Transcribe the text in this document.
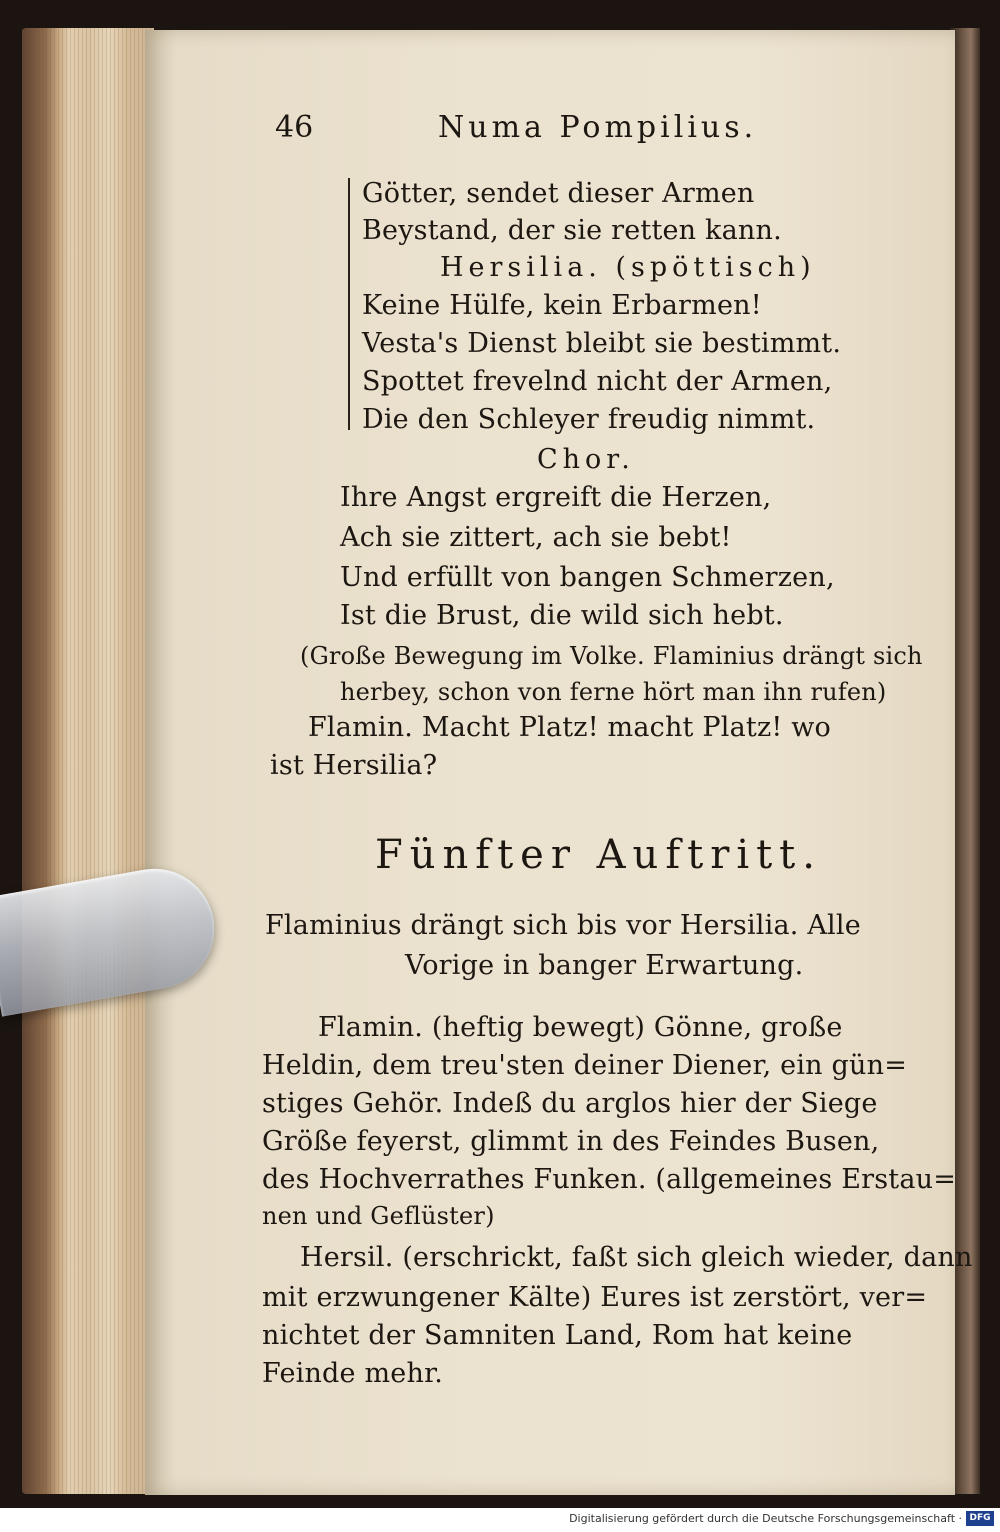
46	Numa Pompilius.
Götter, sendet dieser Armen
Beystand, der sie retten kann.
Hersilia. (spöttisch)
Keine Hülfe, kein Erbarmen!
Vesta's Dienst bleibt sie bestimmt.
Spottet frevelnd nicht der Armen,
Die den Schleyer freudig nimmt.
Chor.
Ihre Angst ergreift die Herzen,
Ach sie zittert, ach sie bebt!
Und erfüllt von bangen Schmerzen,
Ist die Brust, die wild sich hebt.
(Große Bewegung im Volke. Flaminius drängt sich
herbey, schon von ferne hört man ihn rufen)
Flamin. Macht Platz! macht Platz! wo
ist Hersilia?
Fünfter Auftritt.
Flaminius drängt sich bis vor Hersilia. Alle
Vorige in banger Erwartung.
Flamin. (heftig bewegt) Gönne, große
Heldin, dem treu'sten deiner Diener, ein gün=
stiges Gehör. Indeß du arglos hier der Siege
Größe feyerst, glimmt in des Feindes Busen,
des Hochverrathes Funken. (allgemeines Erstau=
nen und Geflüster)
Hersil. (erschrickt, faßt sich gleich wieder, dann
mit erzwungener Kälte) Eures ist zerstört, ver=
nichtet der Samniten Land, Rom hat keine
Feinde mehr.
Digitalisierung gefördert durch die Deutsche Forschungsgemeinschaft · DFG
